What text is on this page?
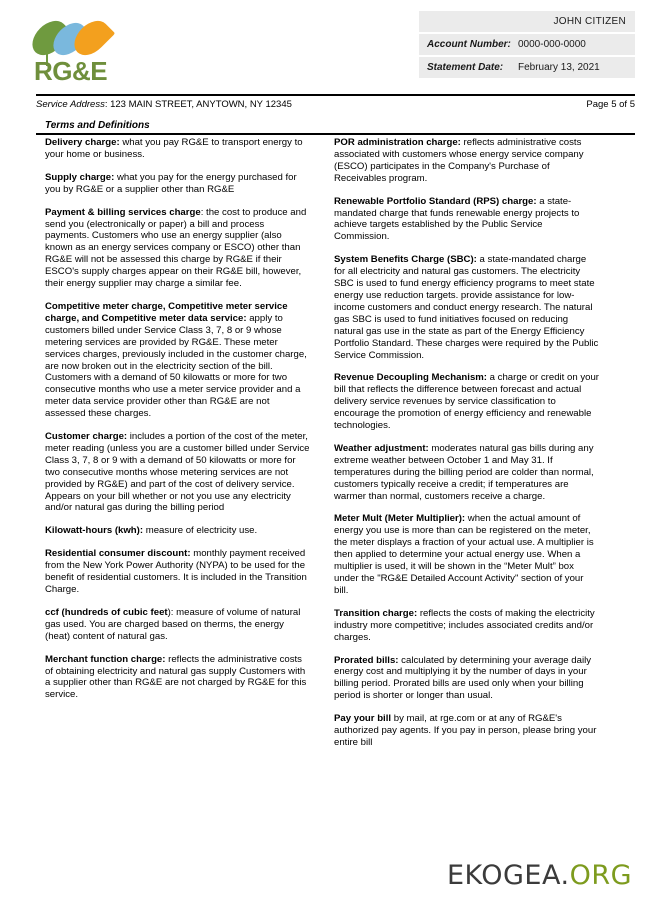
RG&E
JOHN CITIZEN
Account Number: 0000-000-0000
Statement Date:	February 13, 2021
Service Address: 123 MAIN STREET, ANYTOWN, NY 12345	Page 5 of 5
Terms and Definitions
Delivery charge: what you pay RG&E to transport energy to your home or business.
Supply charge: what you pay for the energy purchased for you by RG&E or a supplier other than RG&E
Payment & billing services charge: the cost to produce and send you (electronically or paper) a bill and process payments. Customers who use an energy supplier (also known as an energy services company or ESCO) other than RG&E will not be assessed this charge by RG&E if their ESCO's supply charges appear on their RG&E bill, however, their energy supplier may charge a similar fee.
Competitive meter charge, Competitive meter service charge, and Competitive meter data service: apply to customers billed under Service Class 3, 7, 8 or 9 whose metering services are provided by RG&E. These meter services charges, previously included in the customer charge, are now broken out in the electricity section of the bill. Customers with a demand of 50 kilowatts or more for two consecutive months who use a meter service provider and a meter data service provider other than RG&E are not assessed these charges.
Customer charge: includes a portion of the cost of the meter, meter reading (unless you are a customer billed under Service Class 3, 7, 8 or 9 with a demand of 50 kilowatts or more for two consecutive months whose metering services are not provided by RG&E) and part of the cost of delivery service. Appears on your bill whether or not you use any electricity and/or natural gas during the billing period
Kilowatt-hours (kwh): measure of electricity use.
Residential consumer discount: monthly payment received from the New York Power Authority (NYPA) to be used for the benefit of residential customers. It is included in the Transition Charge.
ccf (hundreds of cubic feet): measure of volume of natural gas used. You are charged based on therms, the energy (heat) content of natural gas.
Merchant function charge: reflects the administrative costs of obtaining electricity and natural gas supply Customers with a supplier other than RG&E are not charged by RG&E for this service.
POR administration charge: reflects administrative costs associated with customers whose energy service company (ESCO) participates in the Company's Purchase of Receivables program.
Renewable Portfolio Standard (RPS) charge: a state-mandated charge that funds renewable energy projects to achieve targets established by the Public Service Commission.
System Benefits Charge (SBC): a state-mandated charge for all electricity and natural gas customers. The electricity SBC is used to fund energy efficiency programs to meet state energy use reduction targets. provide assistance for low-income customers and conduct energy research. The natural gas SBC is used to fund initiatives focused on reducing natural gas use in the state as part of the Energy Efficiency Portfolio Standard. These charges were required by the Public Service Commission.
Revenue Decoupling Mechanism: a charge or credit on your bill that reflects the difference between forecast and actual delivery service revenues by service classification to encourage the promotion of energy efficiency and renewable technologies.
Weather adjustment: moderates natural gas bills during any extreme weather between October 1 and May 31. If temperatures during the billing period are colder than normal, customers typically receive a credit; if temperatures are warmer than normal, customers receive a charge.
Meter Mult (Meter Multiplier): when the actual amount of energy you use is more than can be registered on the meter, the meter displays a fraction of your actual use. A multiplier is then applied to determine your actual energy use. When a multiplier is used, it will be shown in the “Meter Mult” box under the "RG&E Detailed Account Activity" section of your bill.
Transition charge: reflects the costs of making the electricity industry more competitive; includes associated credits and/or charges.
Prorated bills: calculated by determining your average daily energy cost and multiplying it by the number of days in your billing period. Prorated bills are used only when your billing period is shorter or longer than usual.
Pay your bill by mail, at rge.com or at any of RG&E's authorized pay agents. If you pay in person, please bring your entire bill
EKOGEA.ORG
